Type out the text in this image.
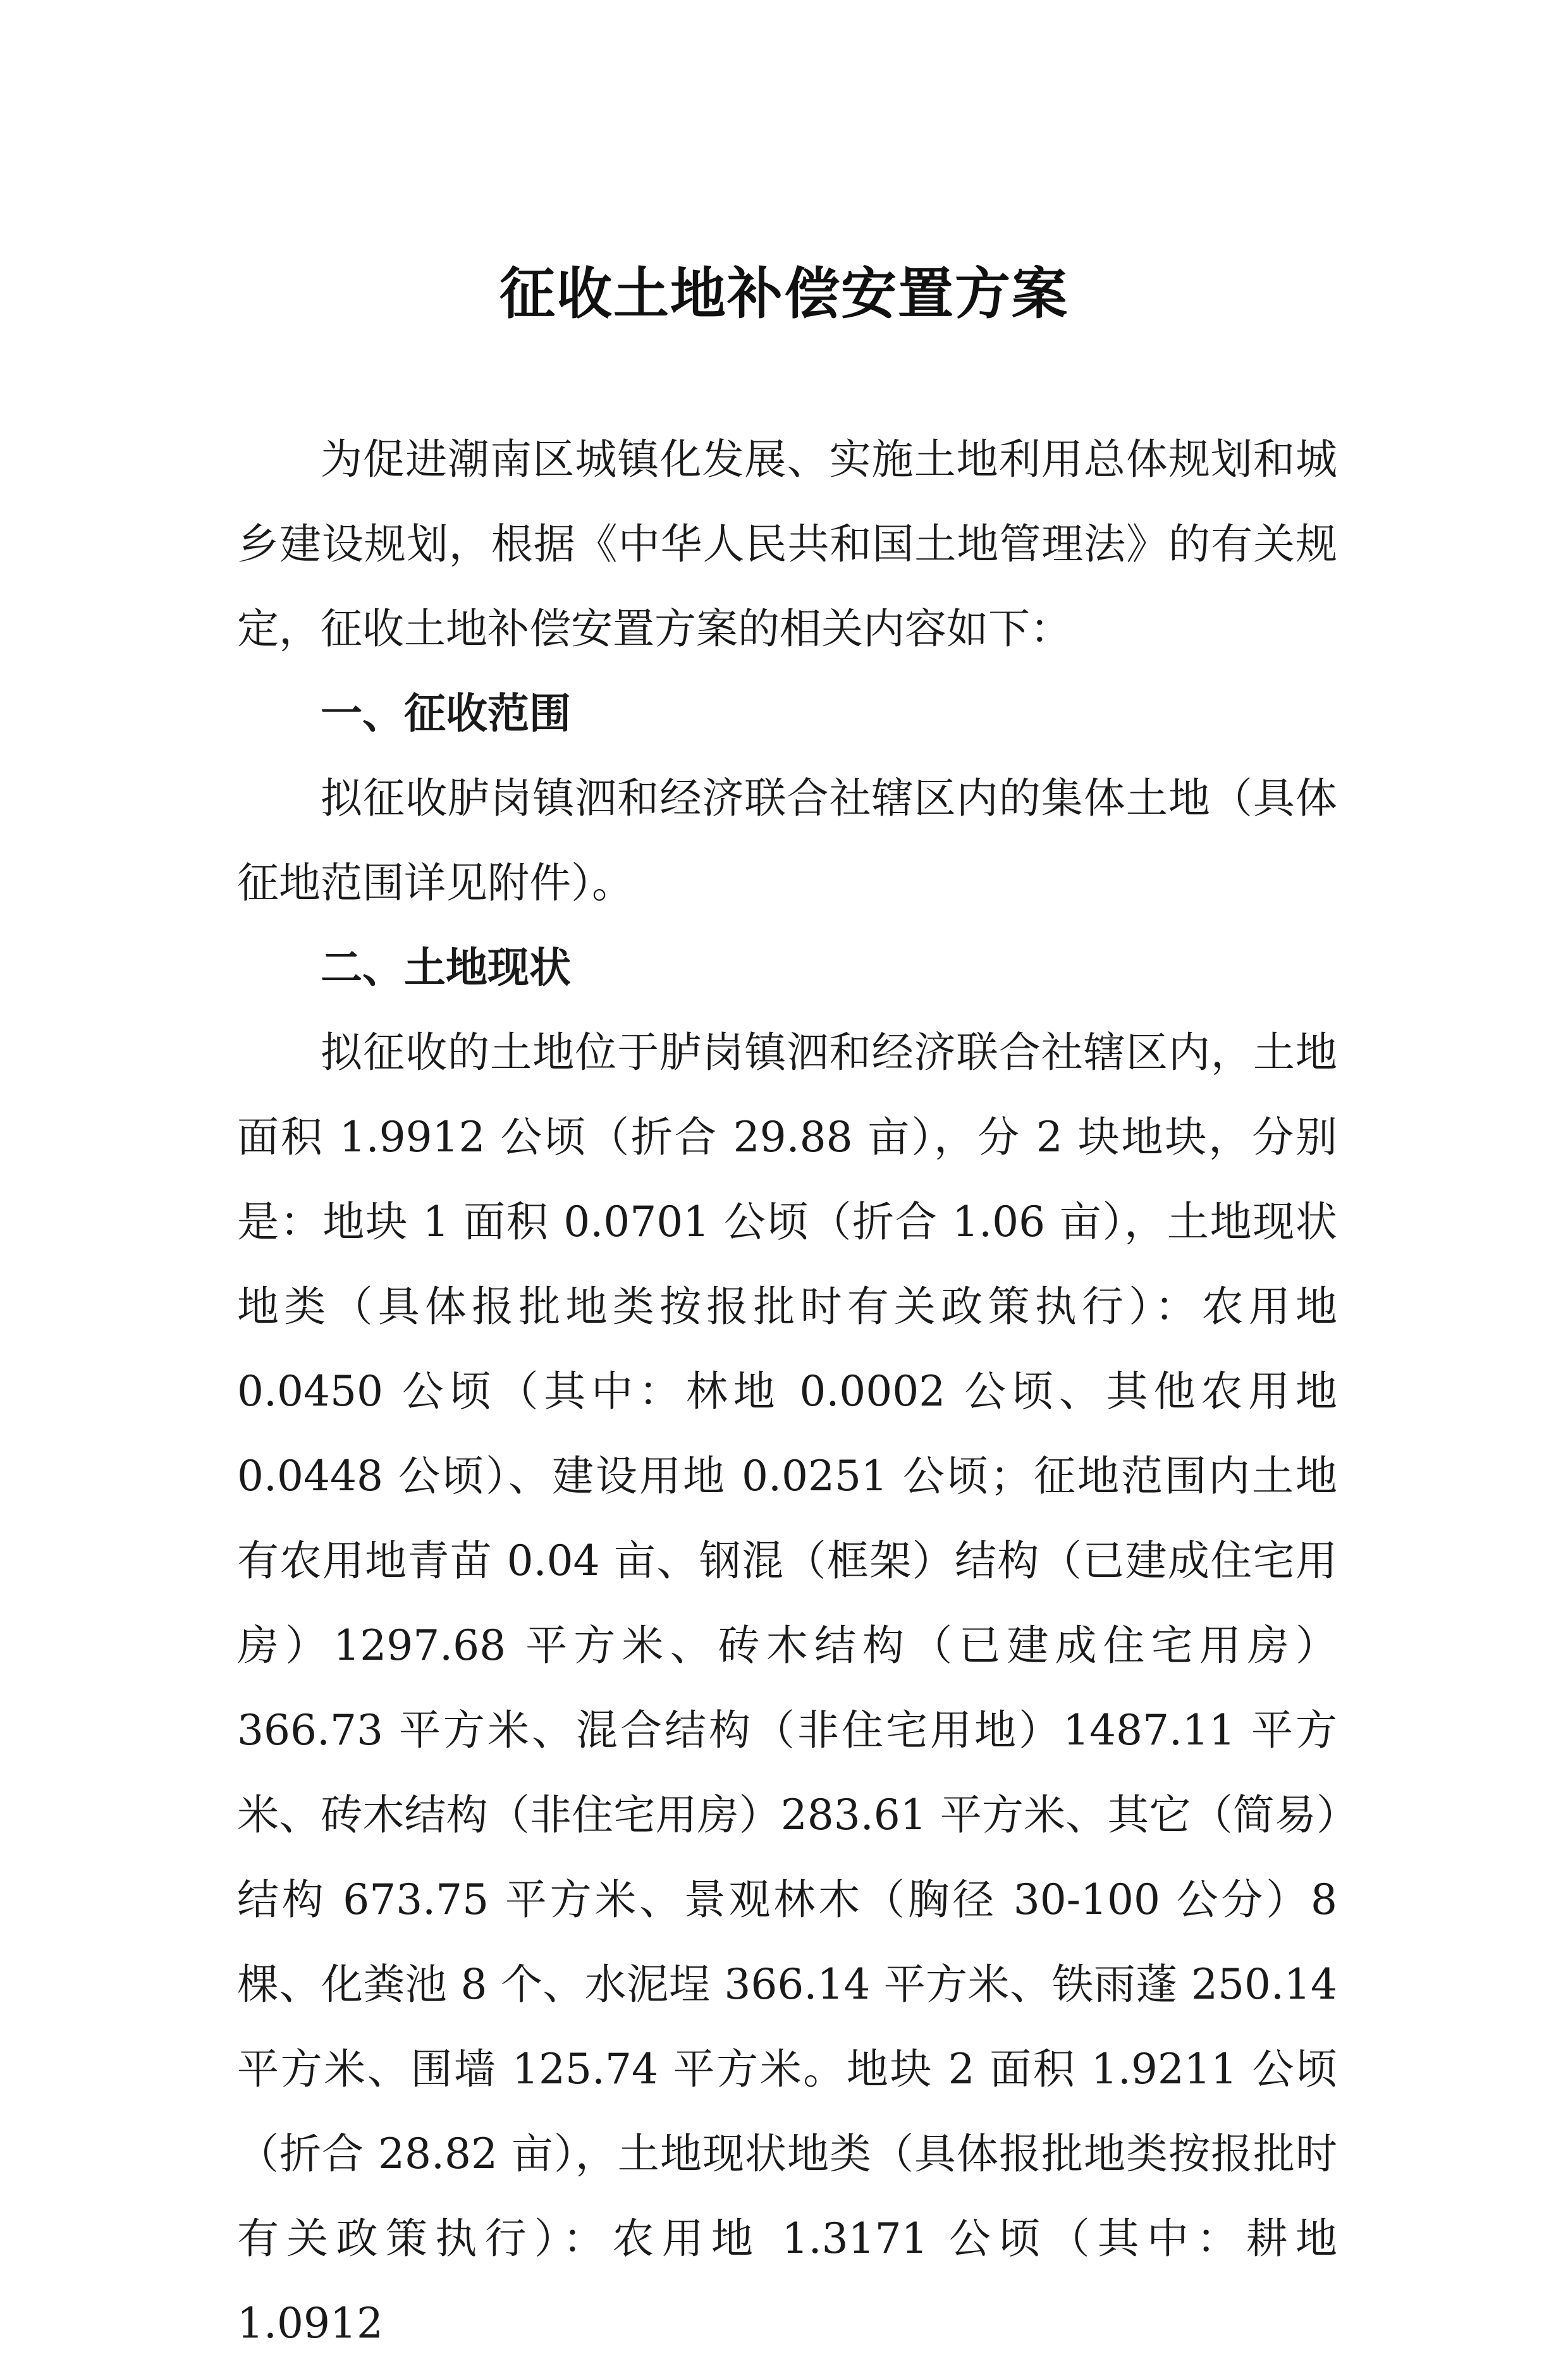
征收土地补偿安置方案

为促进潮南区城镇化发展、实施土地利用总体规划和城乡建设规划，根据《中华人民共和国土地管理法》的有关规定，征收土地补偿安置方案的相关内容如下：

一、征收范围

拟征收胪岗镇泗和经济联合社辖区内的集体土地（具体征地范围详见附件）。

二、土地现状

拟征收的土地位于胪岗镇泗和经济联合社辖区内，土地面积 1.9912 公顷（折合 29.88 亩），分 2 块地块，分别是：地块 1 面积 0.0701 公顷（折合 1.06 亩），土地现状地类（具体报批地类按报批时有关政策执行）：农用地 0.0450 公顷（其中：林地 0.0002 公顷、其他农用地 0.0448 公顷）、建设用地 0.0251 公顷；征地范围内土地有农用地青苗 0.04 亩、钢混（框架）结构（已建成住宅用房）1297.68 平方米、砖木结构（已建成住宅用房）366.73 平方米、混合结构（非住宅用地）1487.11 平方米、砖木结构（非住宅用房）283.61 平方米、其它（简易）结构 673.75 平方米、景观林木（胸径 30-100 公分）8 棵、化粪池 8 个、水泥埕 366.14 平方米、铁雨蓬 250.14 平方米、围墙 125.74 平方米。地块 2 面积 1.9211 公顷（折合 28.82 亩），土地现状地类（具体报批地类按报批时有关政策执行）：农用地 1.3171 公顷（其中：耕地 1.0912
